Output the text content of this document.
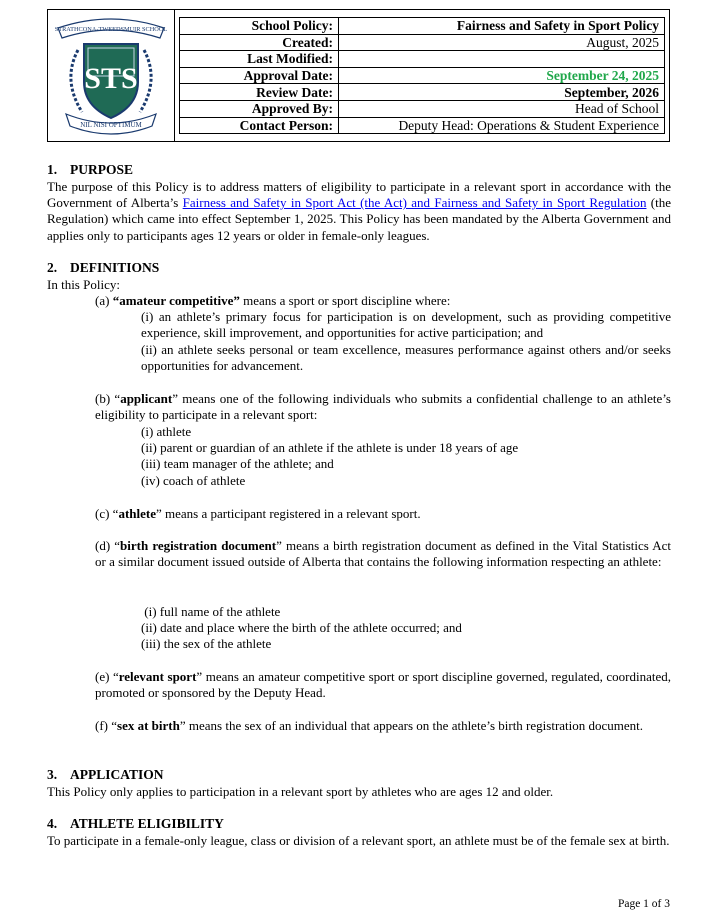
STRATHCONA-TWEEDSMUIR SCHOOL
STS
NIL NISI OPTIMUM
School Policy:	Fairness and Safety in Sport Policy
Created:	August, 2025
Last Modified:	
Approval Date:	September 24, 2025
Review Date:	September, 2026
Approved By:	Head of School
Contact Person:	Deputy Head: Operations & Student Experience
1. PURPOSE
The purpose of this Policy is to address matters of eligibility to participate in a relevant sport in accordance with the Government of Alberta’s Fairness and Safety in Sport Act (the Act) and Fairness and Safety in Sport Regulation (the Regulation) which came into effect September 1, 2025. This Policy has been mandated by the Alberta Government and applies only to participants ages 12 years or older in female-only leagues.
2. DEFINITIONS
In this Policy:
(a) “amateur competitive” means a sport or sport discipline where:
(i) an athlete’s primary focus for participation is on development, such as providing competitive experience, skill improvement, and opportunities for active participation; and
(ii) an athlete seeks personal or team excellence, measures performance against others and/or seeks opportunities for advancement.
(b) “applicant” means one of the following individuals who submits a confidential challenge to an athlete’s eligibility to participate in a relevant sport:
(i) athlete
(ii) parent or guardian of an athlete if the athlete is under 18 years of age
(iii) team manager of the athlete; and
(iv) coach of athlete
(c) “athlete” means a participant registered in a relevant sport.
(d) “birth registration document” means a birth registration document as defined in the Vital Statistics Act or a similar document issued outside of Alberta that contains the following information respecting an athlete:
(i) full name of the athlete
(ii) date and place where the birth of the athlete occurred; and
(iii) the sex of the athlete
(e) “relevant sport” means an amateur competitive sport or sport discipline governed, regulated, coordinated, promoted or sponsored by the Deputy Head.
(f) “sex at birth” means the sex of an individual that appears on the athlete’s birth registration document.
3. APPLICATION
This Policy only applies to participation in a relevant sport by athletes who are ages 12 and older.
4. ATHLETE ELIGIBILITY
To participate in a female-only league, class or division of a relevant sport, an athlete must be of the female sex at birth.
Page 1 of 3
